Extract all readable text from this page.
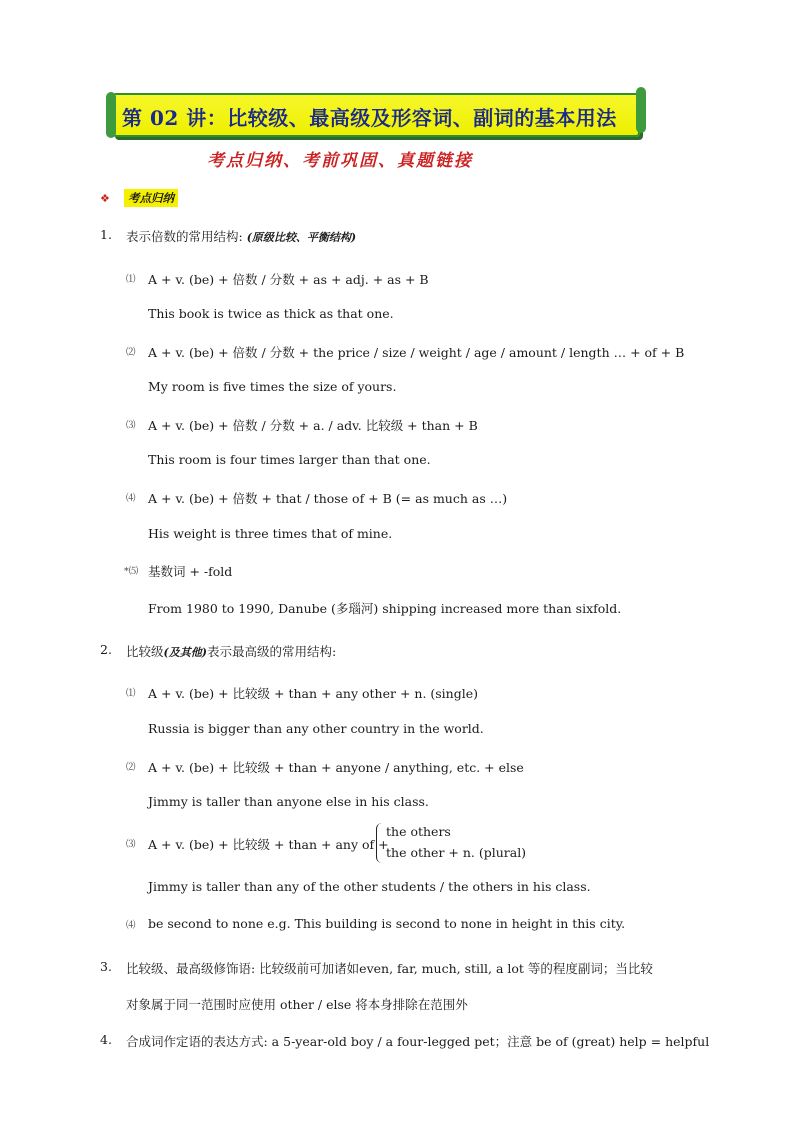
第 02 讲：比较级、最高级及形容词、副词的基本用法
考点归纳、考前巩固、真题链接
❖	考点归纳
1. 表示倍数的常用结构: (原级比较、平衡结构)
⑴ A + v. (be) + 倍数 / 分数 + as + adj. + as + B
This book is twice as thick as that one.
⑵ A + v. (be) + 倍数 / 分数 + the price / size / weight / age / amount / length … + of + B
My room is five times the size of yours.
⑶ A + v. (be) + 倍数 / 分数 + a. / adv. 比较级 + than + B
This room is four times larger than that one.
⑷ A + v. (be) + 倍数 + that / those of + B (= as much as …)
His weight is three times that of mine.
*⑸ 基数词 + -fold
From 1980 to 1990, Danube (多瑙河) shipping increased more than sixfold.
2. 比较级(及其他)表示最高级的常用结构:
⑴ A + v. (be) + 比较级 + than + any other + n. (single)
Russia is bigger than any other country in the world.
⑵ A + v. (be) + 比较级 + than + anyone / anything, etc. + else
Jimmy is taller than anyone else in his class.
⑶ A + v. (be) + 比较级 + than + any of +
the others
the other + n. (plural)
Jimmy is taller than any of the other students / the others in his class.
⑷ be second to none e.g. This building is second to none in height in this city.
3. 比较级、最高级修饰语: 比较级前可加诸如even, far, much, still, a lot 等的程度副词；当比较
对象属于同一范围时应使用 other / else 将本身排除在范围外
4. 合成词作定语的表达方式: a 5-year-old boy / a four-legged pet；注意 be of (great) help = helpful
